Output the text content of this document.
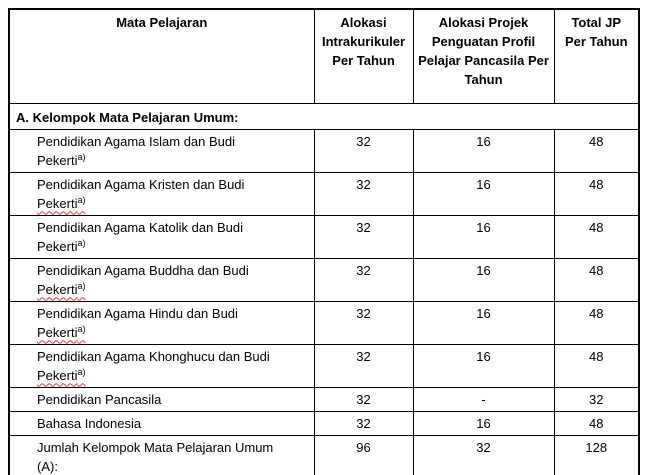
Mata Pelajaran	Alokasi Intrakurikuler Per Tahun	Alokasi Projek Penguatan Profil Pelajar Pancasila Per Tahun	Total JP Per Tahun
A. Kelompok Mata Pelajaran Umum:			

Pendidikan Agama Islam dan Budi
Pekerti$^{a)}$	32	16	48

Pendidikan Agama Kristen dan Budi
Pekerti$^{a)}$	32	16	48

Pendidikan Agama Katolik dan Budi
Pekerti$^{a)}$	32	16	48

Pendidikan Agama Buddha dan Budi
Pekerti$^{a)}$	32	16	48

Pendidikan Agama Hindu dan Budi
Pekerti$^{a)}$	32	16	48

Pendidikan Agama Khonghucu dan Budi
Pekerti$^{a)}$	32	16	48

Pendidikan Pancasila	32	-	32

Bahasa Indonesia	32	16	48

Jumlah Kelompok Mata Pelajaran Umum
(A):	96	32	128
